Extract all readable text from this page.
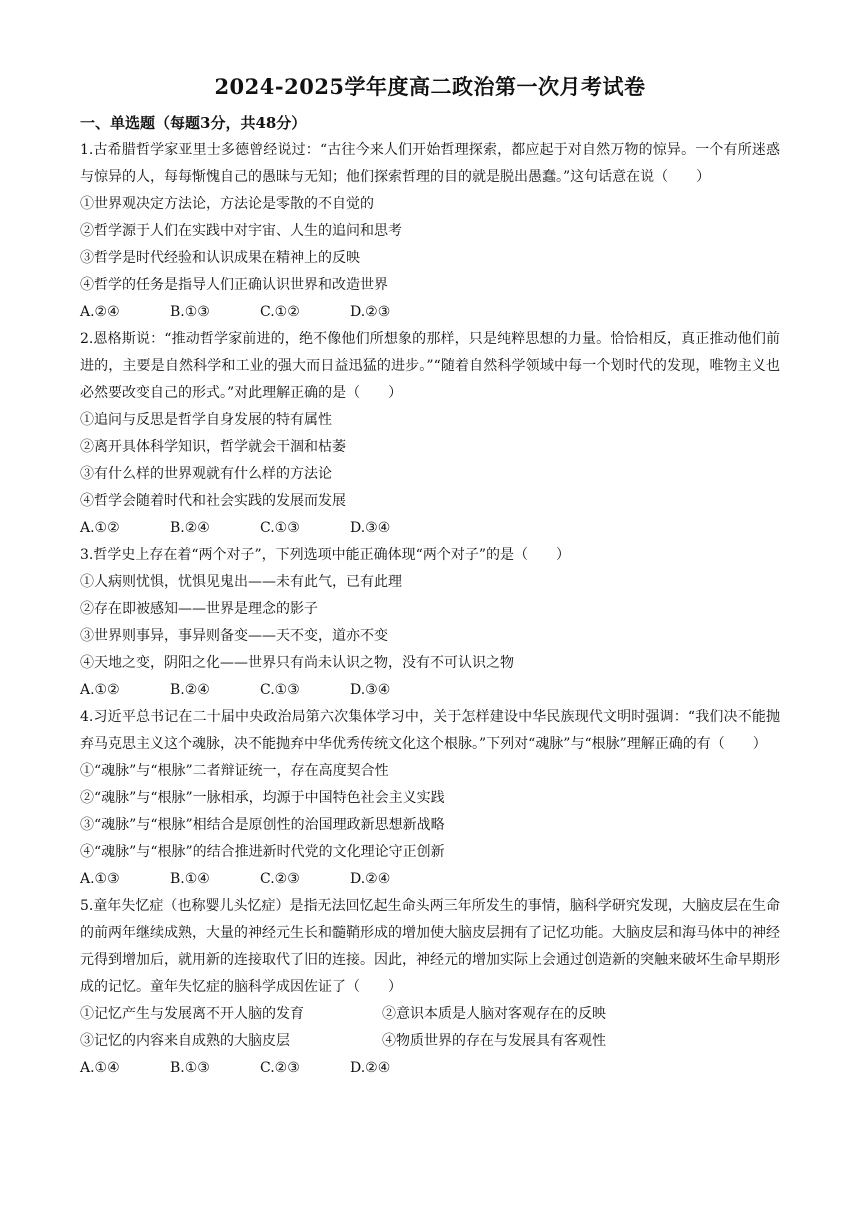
2024-2025学年度高二政治第一次月考试卷
一、单选题（每题3分，共48分）
1.古希腊哲学家亚里士多德曾经说过：“古往今来人们开始哲理探索，都应起于对自然万物的惊异。一个有所迷惑与惊异的人，每每惭愧自己的愚昧与无知；他们探索哲理的目的就是脱出愚蠢。”这句话意在说（　　）
①世界观决定方法论，方法论是零散的不自觉的
②哲学源于人们在实践中对宇宙、人生的追问和思考
③哲学是时代经验和认识成果在精神上的反映
④哲学的任务是指导人们正确认识世界和改造世界
A.②④	B.①③	C.①②	D.②③
2.恩格斯说：“推动哲学家前进的，绝不像他们所想象的那样，只是纯粹思想的力量。恰恰相反，真正推动他们前进的，主要是自然科学和工业的强大而日益迅猛的进步。”“随着自然科学领域中每一个划时代的发现，唯物主义也必然要改变自己的形式。”对此理解正确的是（　　）
①追问与反思是哲学自身发展的特有属性
②离开具体科学知识，哲学就会干涸和枯萎
③有什么样的世界观就有什么样的方法论
④哲学会随着时代和社会实践的发展而发展
A.①②	B.②④	C.①③	D.③④
3.哲学史上存在着“两个对子”，下列选项中能正确体现“两个对子”的是（　　）
①人病则忧惧，忧惧见鬼出——未有此气，已有此理
②存在即被感知——世界是理念的影子
③世界则事异，事异则备变——天不变，道亦不变
④天地之变，阴阳之化——世界只有尚未认识之物，没有不可认识之物
A.①②	B.②④	C.①③	D.③④
4.习近平总书记在二十届中央政治局第六次集体学习中，关于怎样建设中华民族现代文明时强调：“我们决不能抛弃马克思主义这个魂脉，决不能抛弃中华优秀传统文化这个根脉。”下列对“魂脉”与“根脉”理解正确的有（　　）
①“魂脉”与“根脉”二者辩证统一，存在高度契合性
②“魂脉”与“根脉”一脉相承，均源于中国特色社会主义实践
③“魂脉”与“根脉”相结合是原创性的治国理政新思想新战略
④“魂脉”与“根脉”的结合推进新时代党的文化理论守正创新
A.①③	B.①④	C.②③	D.②④
5.童年失忆症（也称婴儿头忆症）是指无法回忆起生命头两三年所发生的事情，脑科学研究发现，大脑皮层在生命的前两年继续成熟，大量的神经元生长和髓鞘形成的增加使大脑皮层拥有了记忆功能。大脑皮层和海马体中的神经元得到增加后，就用新的连接取代了旧的连接。因此，神经元的增加实际上会通过创造新的突触来破坏生命早期形成的记忆。童年失忆症的脑科学成因佐证了（　　）
①记忆产生与发展离不开人脑的发育	②意识本质是人脑对客观存在的反映
③记忆的内容来自成熟的大脑皮层	④物质世界的存在与发展具有客观性
A.①④	B.①③	C.②③	D.②④
